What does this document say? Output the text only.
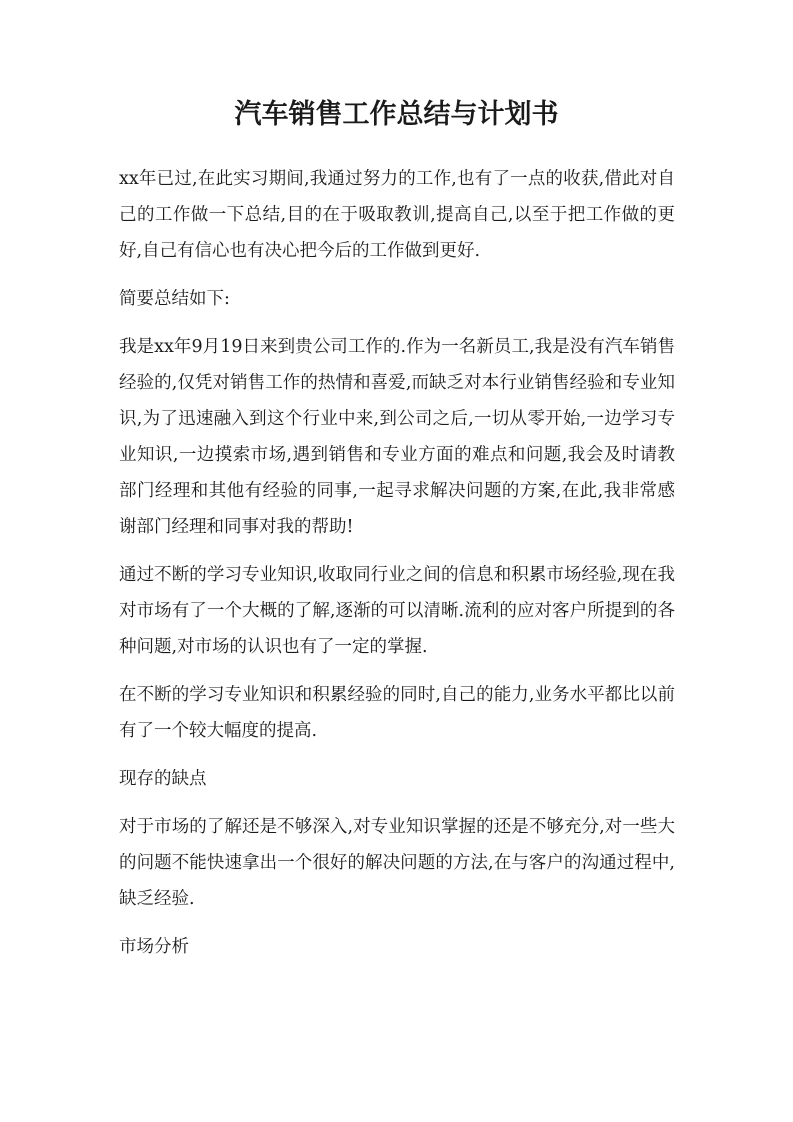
汽车销售工作总结与计划书

xx年已过,在此实习期间,我通过努力的工作,也有了一点的收获,借此对自己的工作做一下总结,目的在于吸取教训,提高自己,以至于把工作做的更好,自己有信心也有决心把今后的工作做到更好.

简要总结如下:

我是xx年9月19日来到贵公司工作的.作为一名新员工,我是没有汽车销售经验的,仅凭对销售工作的热情和喜爱,而缺乏对本行业销售经验和专业知识,为了迅速融入到这个行业中来,到公司之后,一切从零开始,一边学习专业知识,一边摸索市场,遇到销售和专业方面的难点和问题,我会及时请教部门经理和其他有经验的同事,一起寻求解决问题的方案,在此,我非常感谢部门经理和同事对我的帮助!

通过不断的学习专业知识,收取同行业之间的信息和积累市场经验,现在我对市场有了一个大概的了解,逐渐的可以清晰.流利的应对客户所提到的各种问题,对市场的认识也有了一定的掌握.

在不断的学习专业知识和积累经验的同时,自己的能力,业务水平都比以前有了一个较大幅度的提高.

现存的缺点

对于市场的了解还是不够深入,对专业知识掌握的还是不够充分,对一些大的问题不能快速拿出一个很好的解决问题的方法,在与客户的沟通过程中,缺乏经验.

市场分析
